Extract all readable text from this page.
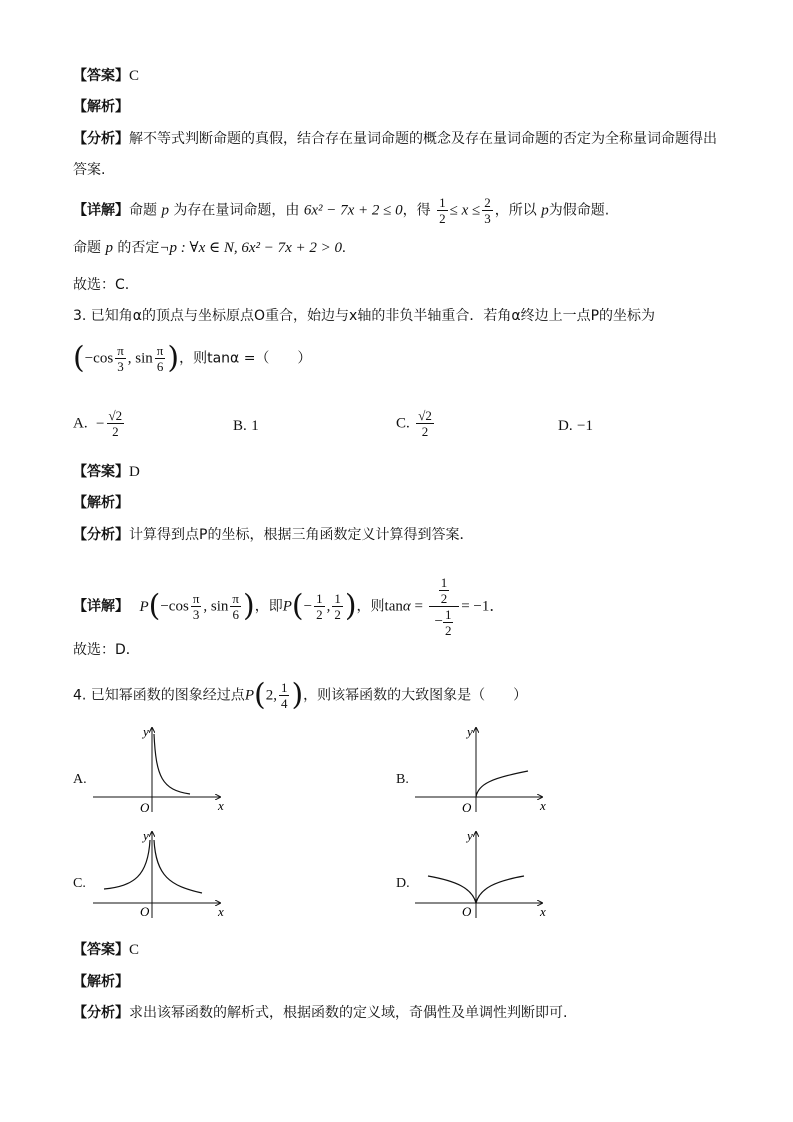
【答案】C
【解析】
【分析】解不等式判断命题的真假，结合存在量词命题的概念及存在量词命题的否定为全称量词命题得出
答案.
【详解】命题 p 为存在量词命题，由 6x² − 7x + 2 ≤ 0，得 $\frac{1}{2} \le x \le \frac{2}{3}$ ，所以 p为假命题.
命题 p 的否定¬p : ∀x ∈ N, 6x² − 7x + 2 > 0.
故选：C.
3. 已知角α的顶点与坐标原点O重合，始边与x轴的非负半轴重合．若角α终边上一点P的坐标为
($-\cos \frac{\pi}{3}$ , $\sin \frac{\pi}{6}$ )，则tanα =（　　）
A. − $\frac{√2}{2}$	B. 1	C. $\frac{√2}{2}$	D. −1
【答案】D
【解析】
【分析】计算得到点P的坐标，根据三角函数定义计算得到答案．
【详解】 $P(-\cos \frac{\pi}{3}$ , $\sin \frac{\pi}{6}$ )，即$P(- \frac{1}{2}$ , $\frac{1}{2}$ )，则$\tan\alpha = \frac{\frac{1}{2}}{- \frac{1}{2}} = -1$．
故选：D．
4. 已知幂函数的图象经过点P(2, $\frac{1}{4}$ )，则该幂函数的大致图象是（　　）
A.	B.
C.	D.
y
x
O
y
x
O
y
x
O
y
x
O
【答案】C
【解析】
【分析】求出该幂函数的解析式，根据函数的定义域，奇偶性及单调性判断即可.
